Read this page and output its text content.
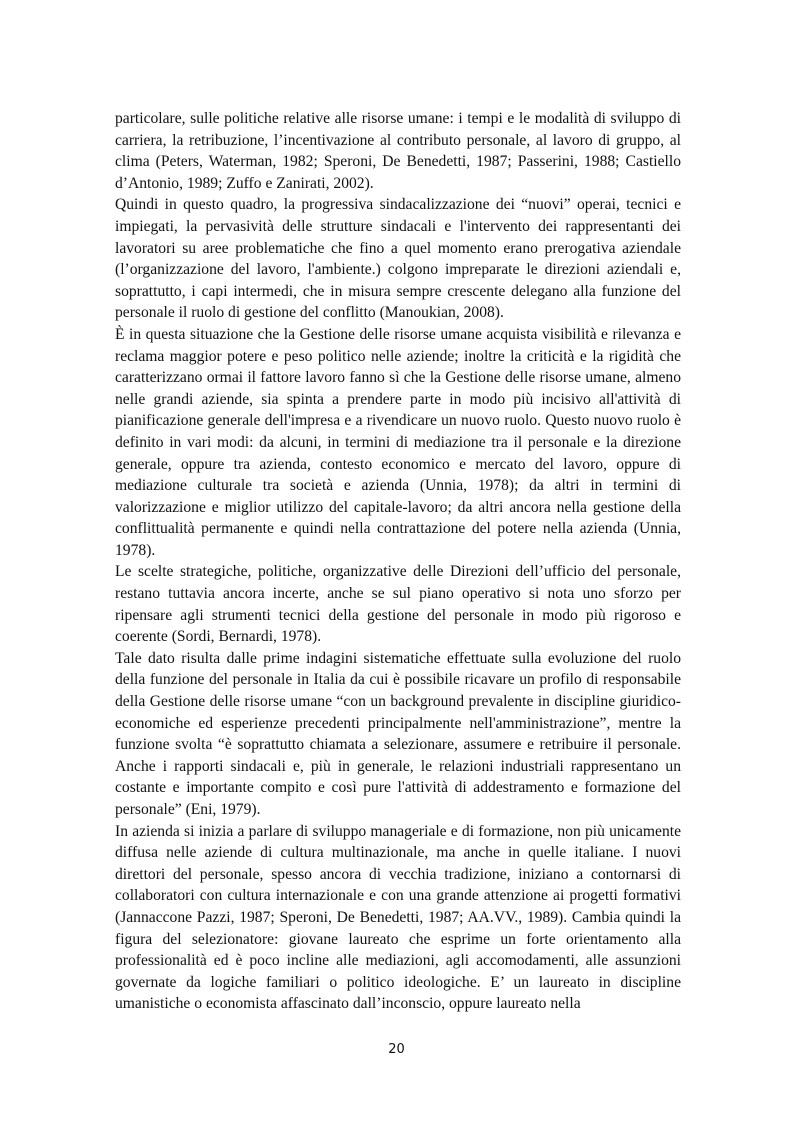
particolare, sulle politiche relative alle risorse umane: i tempi e le modalità di sviluppo di carriera, la retribuzione, l’incentivazione al contributo personale, al lavoro di gruppo, al clima (Peters, Waterman, 1982; Speroni, De Benedetti, 1987; Passerini, 1988; Castiello d’Antonio, 1989; Zuffo e Zanirati, 2002).

Quindi in questo quadro, la progressiva sindacalizzazione dei “nuovi” operai, tecnici e impiegati, la pervasività delle strutture sindacali e l'intervento dei rappresentanti dei lavoratori su aree problematiche che fino a quel momento erano prerogativa aziendale (l’organizzazione del lavoro, l'ambiente.) colgono impreparate le direzioni aziendali e, soprattutto, i capi intermedi, che in misura sempre crescente delegano alla funzione del personale il ruolo di gestione del conflitto (Manoukian, 2008).

È in questa situazione che la Gestione delle risorse umane acquista visibilità e rilevanza e reclama maggior potere e peso politico nelle aziende; inoltre la criticità e la rigidità che caratterizzano ormai il fattore lavoro fanno sì che la Gestione delle risorse umane, almeno nelle grandi aziende, sia spinta a prendere parte in modo più incisivo all'attività di pianificazione generale dell'impresa e a rivendicare un nuovo ruolo. Questo nuovo ruolo è definito in vari modi: da alcuni, in termini di mediazione tra il personale e la direzione generale, oppure tra azienda, contesto economico e mercato del lavoro, oppure di mediazione culturale tra società e azienda (Unnia, 1978); da altri in termini di valorizzazione e miglior utilizzo del capitale-lavoro; da altri ancora nella gestione della conflittualità permanente e quindi nella contrattazione del potere nella azienda (Unnia, 1978).

Le scelte strategiche, politiche, organizzative delle Direzioni dell’ufficio del personale, restano tuttavia ancora incerte, anche se sul piano operativo si nota uno sforzo per ripensare agli strumenti tecnici della gestione del personale in modo più rigoroso e coerente (Sordi, Bernardi, 1978).

Tale dato risulta dalle prime indagini sistematiche effettuate sulla evoluzione del ruolo della funzione del personale in Italia da cui è possibile ricavare un profilo di responsabile della Gestione delle risorse umane “con un background prevalente in discipline giuridico-economiche ed esperienze precedenti principalmente nell'amministrazione”, mentre la funzione svolta “è soprattutto chiamata a selezionare, assumere e retribuire il personale. Anche i rapporti sindacali e, più in generale, le relazioni industriali rappresentano un costante e importante compito e così pure l'attività di addestramento e formazione del personale” (Eni, 1979).

In azienda si inizia a parlare di sviluppo manageriale e di formazione, non più unicamente diffusa nelle aziende di cultura multinazionale, ma anche in quelle italiane. I nuovi direttori del personale, spesso ancora di vecchia tradizione, iniziano a contornarsi di collaboratori con cultura internazionale e con una grande attenzione ai progetti formativi (Jannaccone Pazzi, 1987; Speroni, De Benedetti, 1987; AA.VV., 1989). Cambia quindi la figura del selezionatore: giovane laureato che esprime un forte orientamento alla professionalità ed è poco incline alle mediazioni, agli accomodamenti, alle assunzioni governate da logiche familiari o politico ideologiche. E’ un laureato in discipline umanistiche o economista affascinato dall’inconscio, oppure laureato nella

20
